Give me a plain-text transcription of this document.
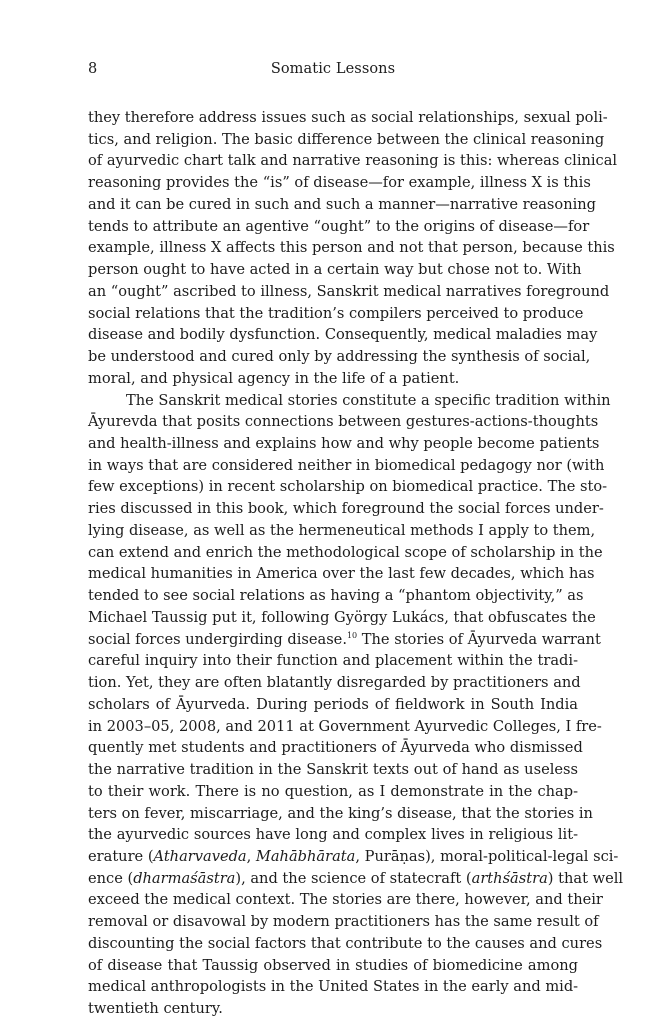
8	Somatic Lessons
they therefore address issues such as social relationships, sexual poli-
tics, and religion. The basic difference between the clinical reasoning
of ayurvedic chart talk and narrative reasoning is this: whereas clinical
reasoning provides the “is” of disease—for example, illness X is this
and it can be cured in such and such a manner—narrative reasoning
tends to attribute an agentive “ought” to the origins of disease—for
example, illness X affects this person and not that person, because this
person ought to have acted in a certain way but chose not to. With
an “ought” ascribed to illness, Sanskrit medical narratives foreground
social relations that the tradition’s compilers perceived to produce
disease and bodily dysfunction. Consequently, medical maladies may
be understood and cured only by addressing the synthesis of social,
moral, and physical agency in the life of a patient.
The Sanskrit medical stories constitute a specific tradition within
Āyurevda that posits connections between gestures-actions-thoughts
and health-illness and explains how and why people become patients
in ways that are considered neither in biomedical pedagogy nor (with
few exceptions) in recent scholarship on biomedical practice. The sto-
ries discussed in this book, which foreground the social forces under-
lying disease, as well as the hermeneutical methods I apply to them,
can extend and enrich the methodological scope of scholarship in the
medical humanities in America over the last few decades, which has
tended to see social relations as having a “phantom objectivity,” as
Michael Taussig put it, following György Lukács, that obfuscates the
social forces undergirding disease.$^{10}$ The stories of Āyurveda warrant
careful inquiry into their function and placement within the tradi-
tion. Yet, they are often blatantly disregarded by practitioners and
scholars of Āyurveda. During periods of fieldwork in South India
in 2003–05, 2008, and 2011 at Government Ayurvedic Colleges, I fre-
quently met students and practitioners of Āyurveda who dismissed
the narrative tradition in the Sanskrit texts out of hand as useless
to their work. There is no question, as I demonstrate in the chap-
ters on fever, miscarriage, and the king’s disease, that the stories in
the ayurvedic sources have long and complex lives in religious lit-
erature (Atharvaveda, Mahābhārata, Purāṇas), moral-political-legal sci-
ence (dharmaśāstra), and the science of statecraft (arthśāstra) that well
exceed the medical context. The stories are there, however, and their
removal or disavowal by modern practitioners has the same result of
discounting the social factors that contribute to the causes and cures
of disease that Taussig observed in studies of biomedicine among
medical anthropologists in the United States in the early and mid-
twentieth century.
